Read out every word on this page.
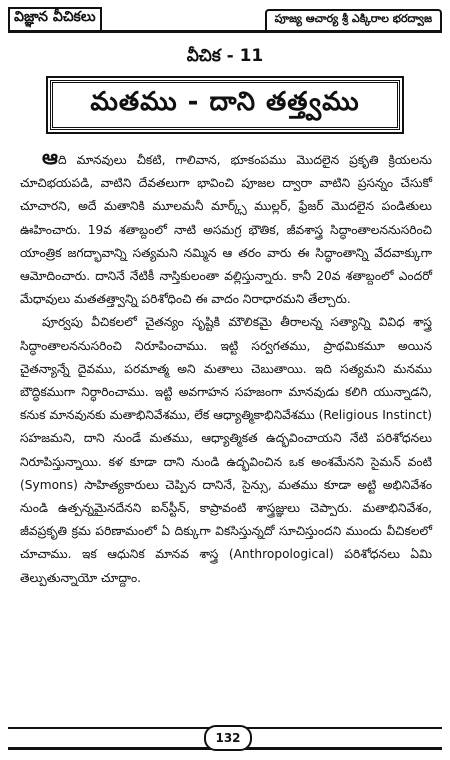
విజ్ఞాన వీచికలు	పూజ్య ఆచార్య శ్రీ ఎక్కిరాల భరద్వాజ
వీచిక - 11
మతము - దాని తత్త్వము

ఆది మానవులు చీకటి, గాలివాన, భూకంపము మొదలైన ప్రకృతి క్రియలను చూచిభయపడి, వాటిని దేవతలుగా భావించి పూజల ద్వారా వాటిని ప్రసన్నం చేసుకో చూచారని, అదే మతానికి మూలమనీ మార్క్స్ ముల్లర్, ఫ్రేజర్ మొదలైన పండితులు ఊహించారు. 19వ శతాబ్దంలో నాటి అసమగ్ర భౌతిక, జీవశాస్త్ర సిద్ధాంతాలననుసరించి యాంత్రిక జగద్భావాన్ని సత్యమని నమ్మిన ఆ తరం వారు ఈ సిద్ధాంతాన్ని వేదవాక్కుగా ఆమోదించారు. దానినే నేటికీ నాస్తికులంతా వల్లిస్తున్నారు. కానీ 20వ శతాబ్దంలో ఎందరో మేధావులు మతతత్త్వాన్ని పరిశోధించి ఈ వాదం నిరాధారమని తేల్చారు.

పూర్వపు వీచికలలో చైతన్యం సృష్టికి మౌలికమై తీరాలన్న సత్యాన్ని వివిధ శాస్త్ర సిద్ధాంతాలననుసరించి నిరూపించాము. ఇట్టి సర్వగతము, ప్రాథమికమూ అయిన చైతన్యాన్నే దైవము, పరమాత్మ అని మతాలు చెబుతాయి. ఇది సత్యమని మనము బౌద్ధికముగా నిర్ధారించాము. ఇట్టి అవగాహన సహజంగా మానవుడు కలిగి యున్నాడని, కనుక మానవునకు మతాభినివేశము, లేక ఆధ్యాత్మికాభినివేశము (Religious Instinct) సహజమని, దాని నుండే మతము, ఆధ్యాత్మికత ఉద్భవించాయని నేటి పరిశోధనలు నిరూపిస్తున్నాయి. కళ కూడా దాని నుండి ఉద్భవించిన ఒక అంశమేనని సైమన్ వంటి (Symons) సాహిత్యకారులు చెప్పిన దానినే, సైన్సు, మతము కూడా అట్టి అభినివేశం నుండి ఉత్పన్నమైనదేనని ఐన్‌స్టీన్, కాప్రావంటి శాస్త్రజ్ఞులు చెప్పారు. మతాభినివేశం, జీవప్రకృతి క్రమ పరిణామంలో ఏ దిక్కుగా వికసిస్తున్నదో సూచిస్తుందని ముందు వీచికలలో చూచాము. ఇక ఆధునిక మానవ శాస్త్ర (Anthropological) పరిశోధనలు ఏమి తెల్పుతున్నాయో చూద్దాం.

132
